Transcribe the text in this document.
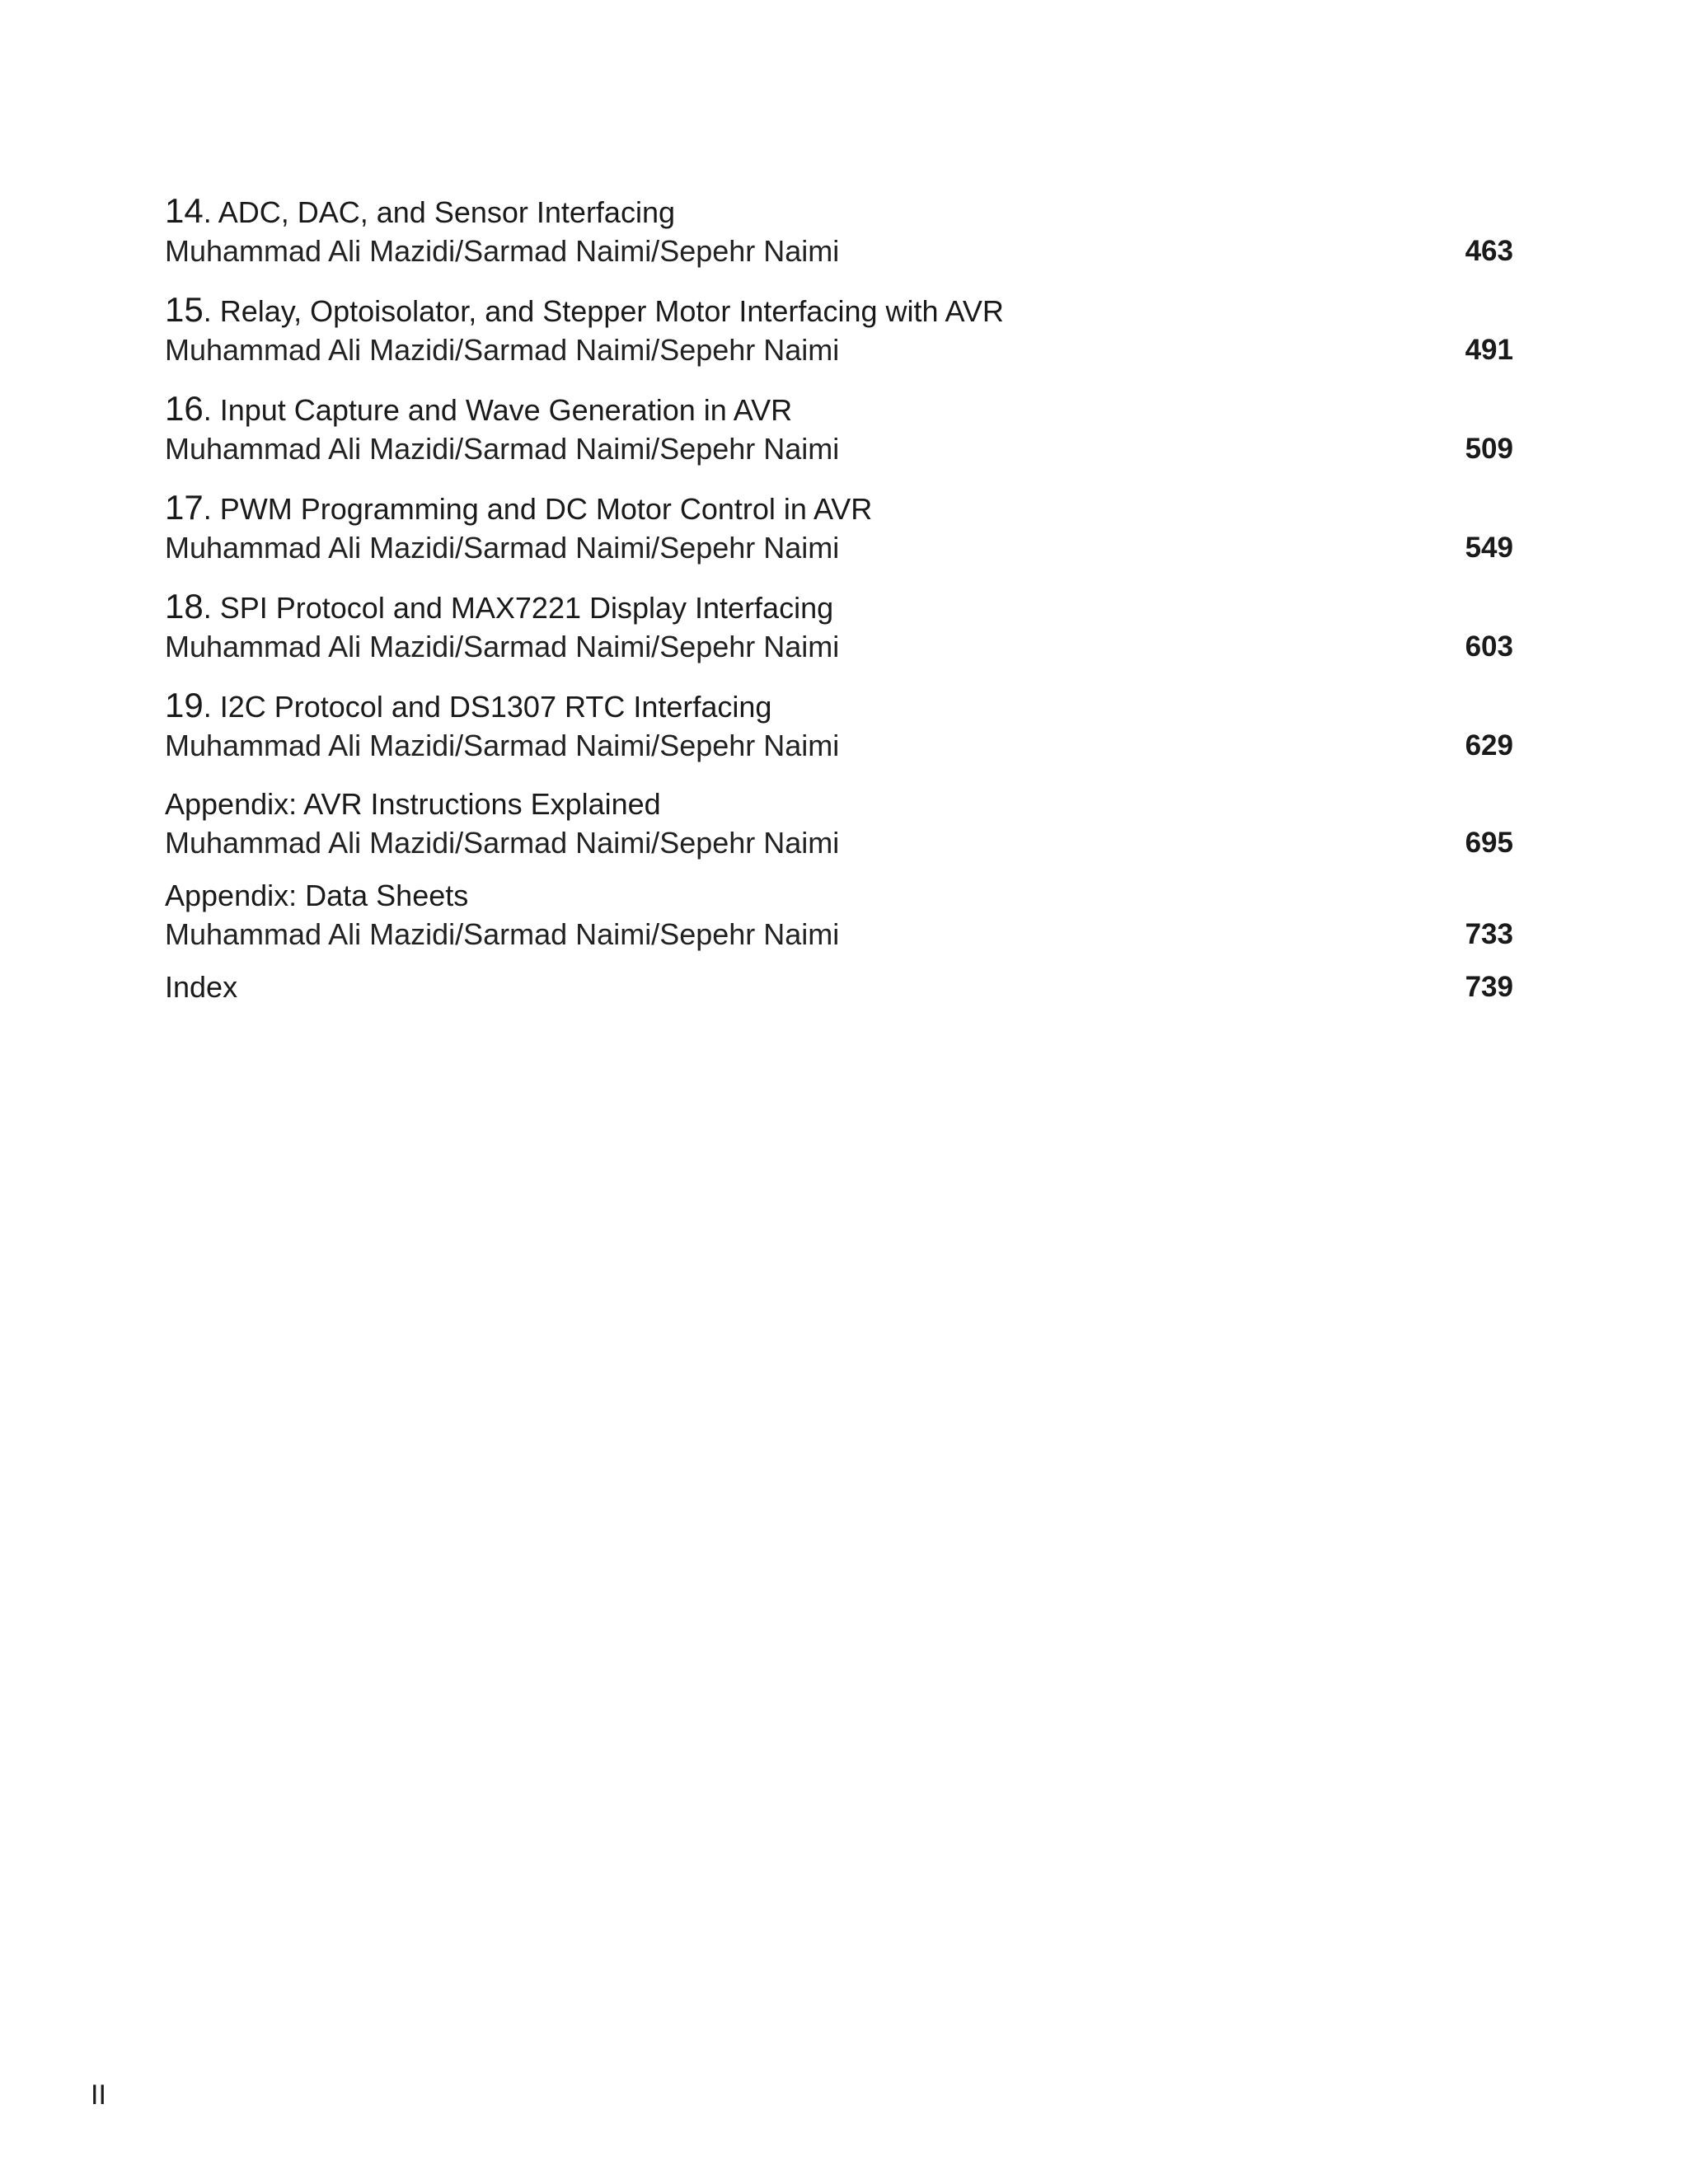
14. ADC, DAC, and Sensor Interfacing
Muhammad Ali Mazidi/Sarmad Naimi/Sepehr Naimi	463
15. Relay, Optoisolator, and Stepper Motor Interfacing with AVR
Muhammad Ali Mazidi/Sarmad Naimi/Sepehr Naimi	491
16. Input Capture and Wave Generation in AVR
Muhammad Ali Mazidi/Sarmad Naimi/Sepehr Naimi	509
17. PWM Programming and DC Motor Control in AVR
Muhammad Ali Mazidi/Sarmad Naimi/Sepehr Naimi	549
18. SPI Protocol and MAX7221 Display Interfacing
Muhammad Ali Mazidi/Sarmad Naimi/Sepehr Naimi	603
19. I2C Protocol and DS1307 RTC Interfacing
Muhammad Ali Mazidi/Sarmad Naimi/Sepehr Naimi	629
Appendix: AVR Instructions Explained
Muhammad Ali Mazidi/Sarmad Naimi/Sepehr Naimi	695
Appendix: Data Sheets
Muhammad Ali Mazidi/Sarmad Naimi/Sepehr Naimi	733
Index	739
II
